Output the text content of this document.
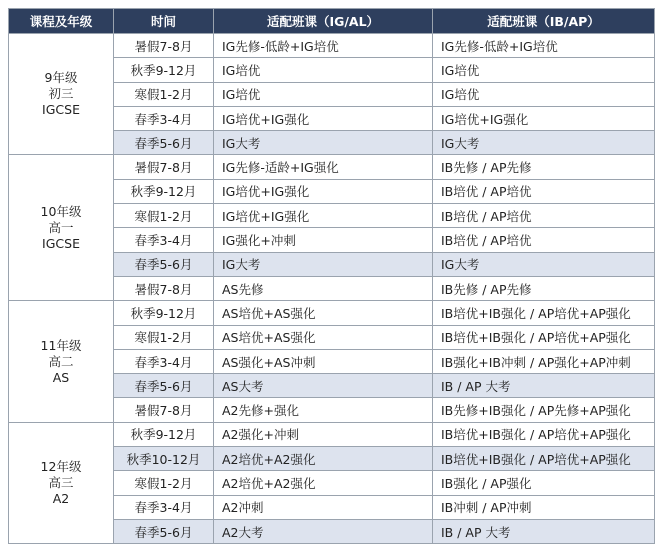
课程及年级	时间	适配班课（IG/AL）	适配班课（IB/AP）

9年级
初三
IGCSE	暑假7-8月	IG先修-低龄+IG培优	IG先修-低龄+IG培优
	秋季9-12月	IG培优	IG培优
	寒假1-2月	IG培优	IG培优
	春季3-4月	IG培优+IG强化	IG培优+IG强化
	春季5-6月	IG大考	IG大考

10年级
高一
IGCSE	暑假7-8月	IG先修-适龄+IG强化	IB先修 / AP先修
	秋季9-12月	IG培优+IG强化	IB培优 / AP培优
	寒假1-2月	IG培优+IG强化	IB培优 / AP培优
	春季3-4月	IG强化+冲刺	IB培优 / AP培优
	春季5-6月	IG大考	IG大考
	暑假7-8月	AS先修	IB先修 / AP先修

11年级
高二
AS	秋季9-12月	AS培优+AS强化	IB培优+IB强化 / AP培优+AP强化
	寒假1-2月	AS培优+AS强化	IB培优+IB强化 / AP培优+AP强化
	春季3-4月	AS强化+AS冲刺	IB强化+IB冲刺 / AP强化+AP冲刺
	春季5-6月	AS大考	IB / AP 大考
	暑假7-8月	A2先修+强化	IB先修+IB强化 / AP先修+AP强化

12年级
高三
A2	秋季9-12月	A2强化+冲刺	IB培优+IB强化 / AP培优+AP强化
	秋季10-12月	A2培优+A2强化	IB培优+IB强化 / AP培优+AP强化
	寒假1-2月	A2培优+A2强化	IB强化 / AP强化
	春季3-4月	A2冲刺	IB冲刺 / AP冲刺
	春季5-6月	A2大考	IB / AP 大考
